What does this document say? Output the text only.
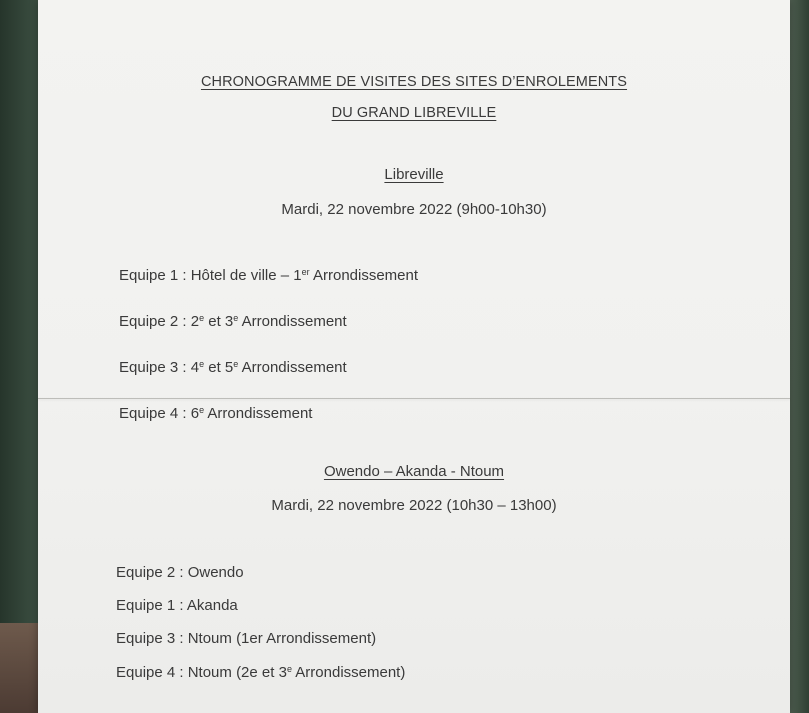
CHRONOGRAMME DE VISITES DES SITES D’ENROLEMENTS
DU GRAND LIBREVILLE
Libreville
Mardi, 22 novembre 2022 (9h00-10h30)
Equipe 1 : Hôtel de ville – 1er Arrondissement
Equipe 2 : 2e et 3e Arrondissement
Equipe 3 : 4e et 5e Arrondissement
Equipe 4 : 6e Arrondissement
Owendo – Akanda - Ntoum
Mardi, 22 novembre 2022 (10h30 – 13h00)
Equipe 2 : Owendo
Equipe 1 : Akanda
Equipe 3 : Ntoum (1er Arrondissement)
Equipe 4 : Ntoum (2e et 3e Arrondissement)
